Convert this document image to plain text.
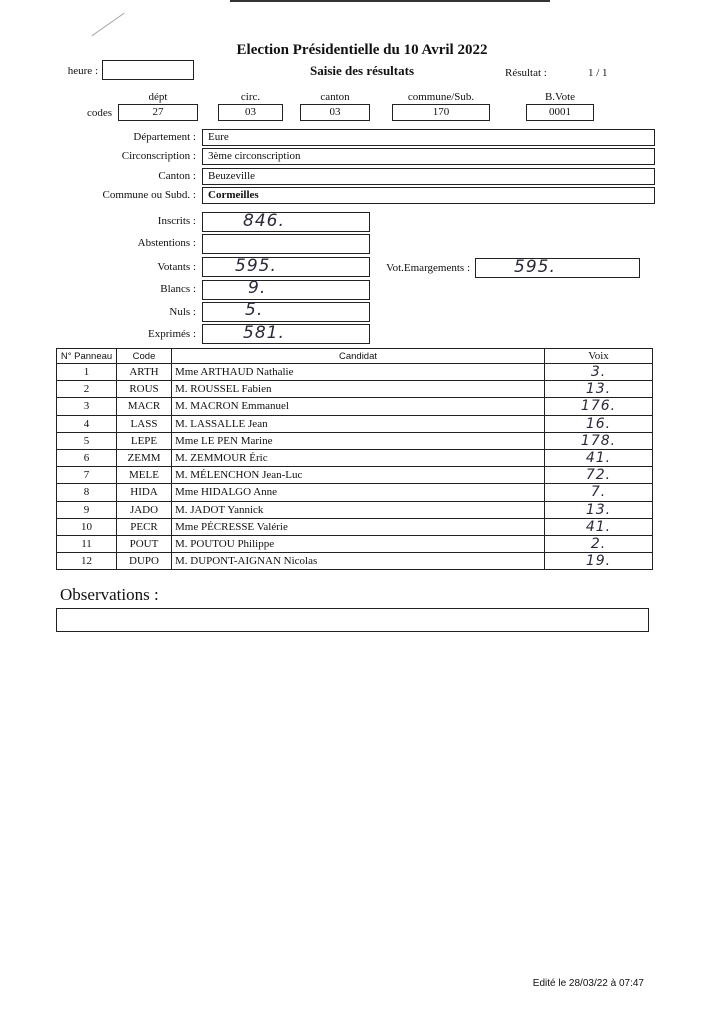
Election Présidentielle du 10 Avril 2022
Saisie des résultats
heure :	Résultat :	1 / 1
dépt	circ.	canton	commune/Sub.	B.Vote
codes	27	03	03	170	0001
Département :	Eure
Circonscription :	3ème circonscription
Canton :	Beuzeville
Commune ou Subd. :	Cormeilles
Inscrits :	846.
Abstentions :
Votants : 595.	Vot.Emargements :	595.
Blancs :	9.
Nuls :	5.
Exprimés :	581.
N° Panneau	Code	Candidat	Voix
1	ARTH	Mme ARTHAUD Nathalie	3.
2	ROUS	M. ROUSSEL Fabien	13.
3	MACR	M. MACRON Emmanuel	176.
4	LASS	M. LASSALLE Jean	16.
5	LEPE	Mme LE PEN Marine	178.
6	ZEMM	M. ZEMMOUR Éric	41.
7	MELE	M. MÉLENCHON Jean-Luc	72.
8	HIDA	Mme HIDALGO Anne	7.
9	JADO	M. JADOT Yannick	13.
10	PECR	Mme PÉCRESSE Valérie	41.
11	POUT	M. POUTOU Philippe	2.
12	DUPO	M. DUPONT-AIGNAN Nicolas	19.
Observations :
Edité le 28/03/22 à 07:47
